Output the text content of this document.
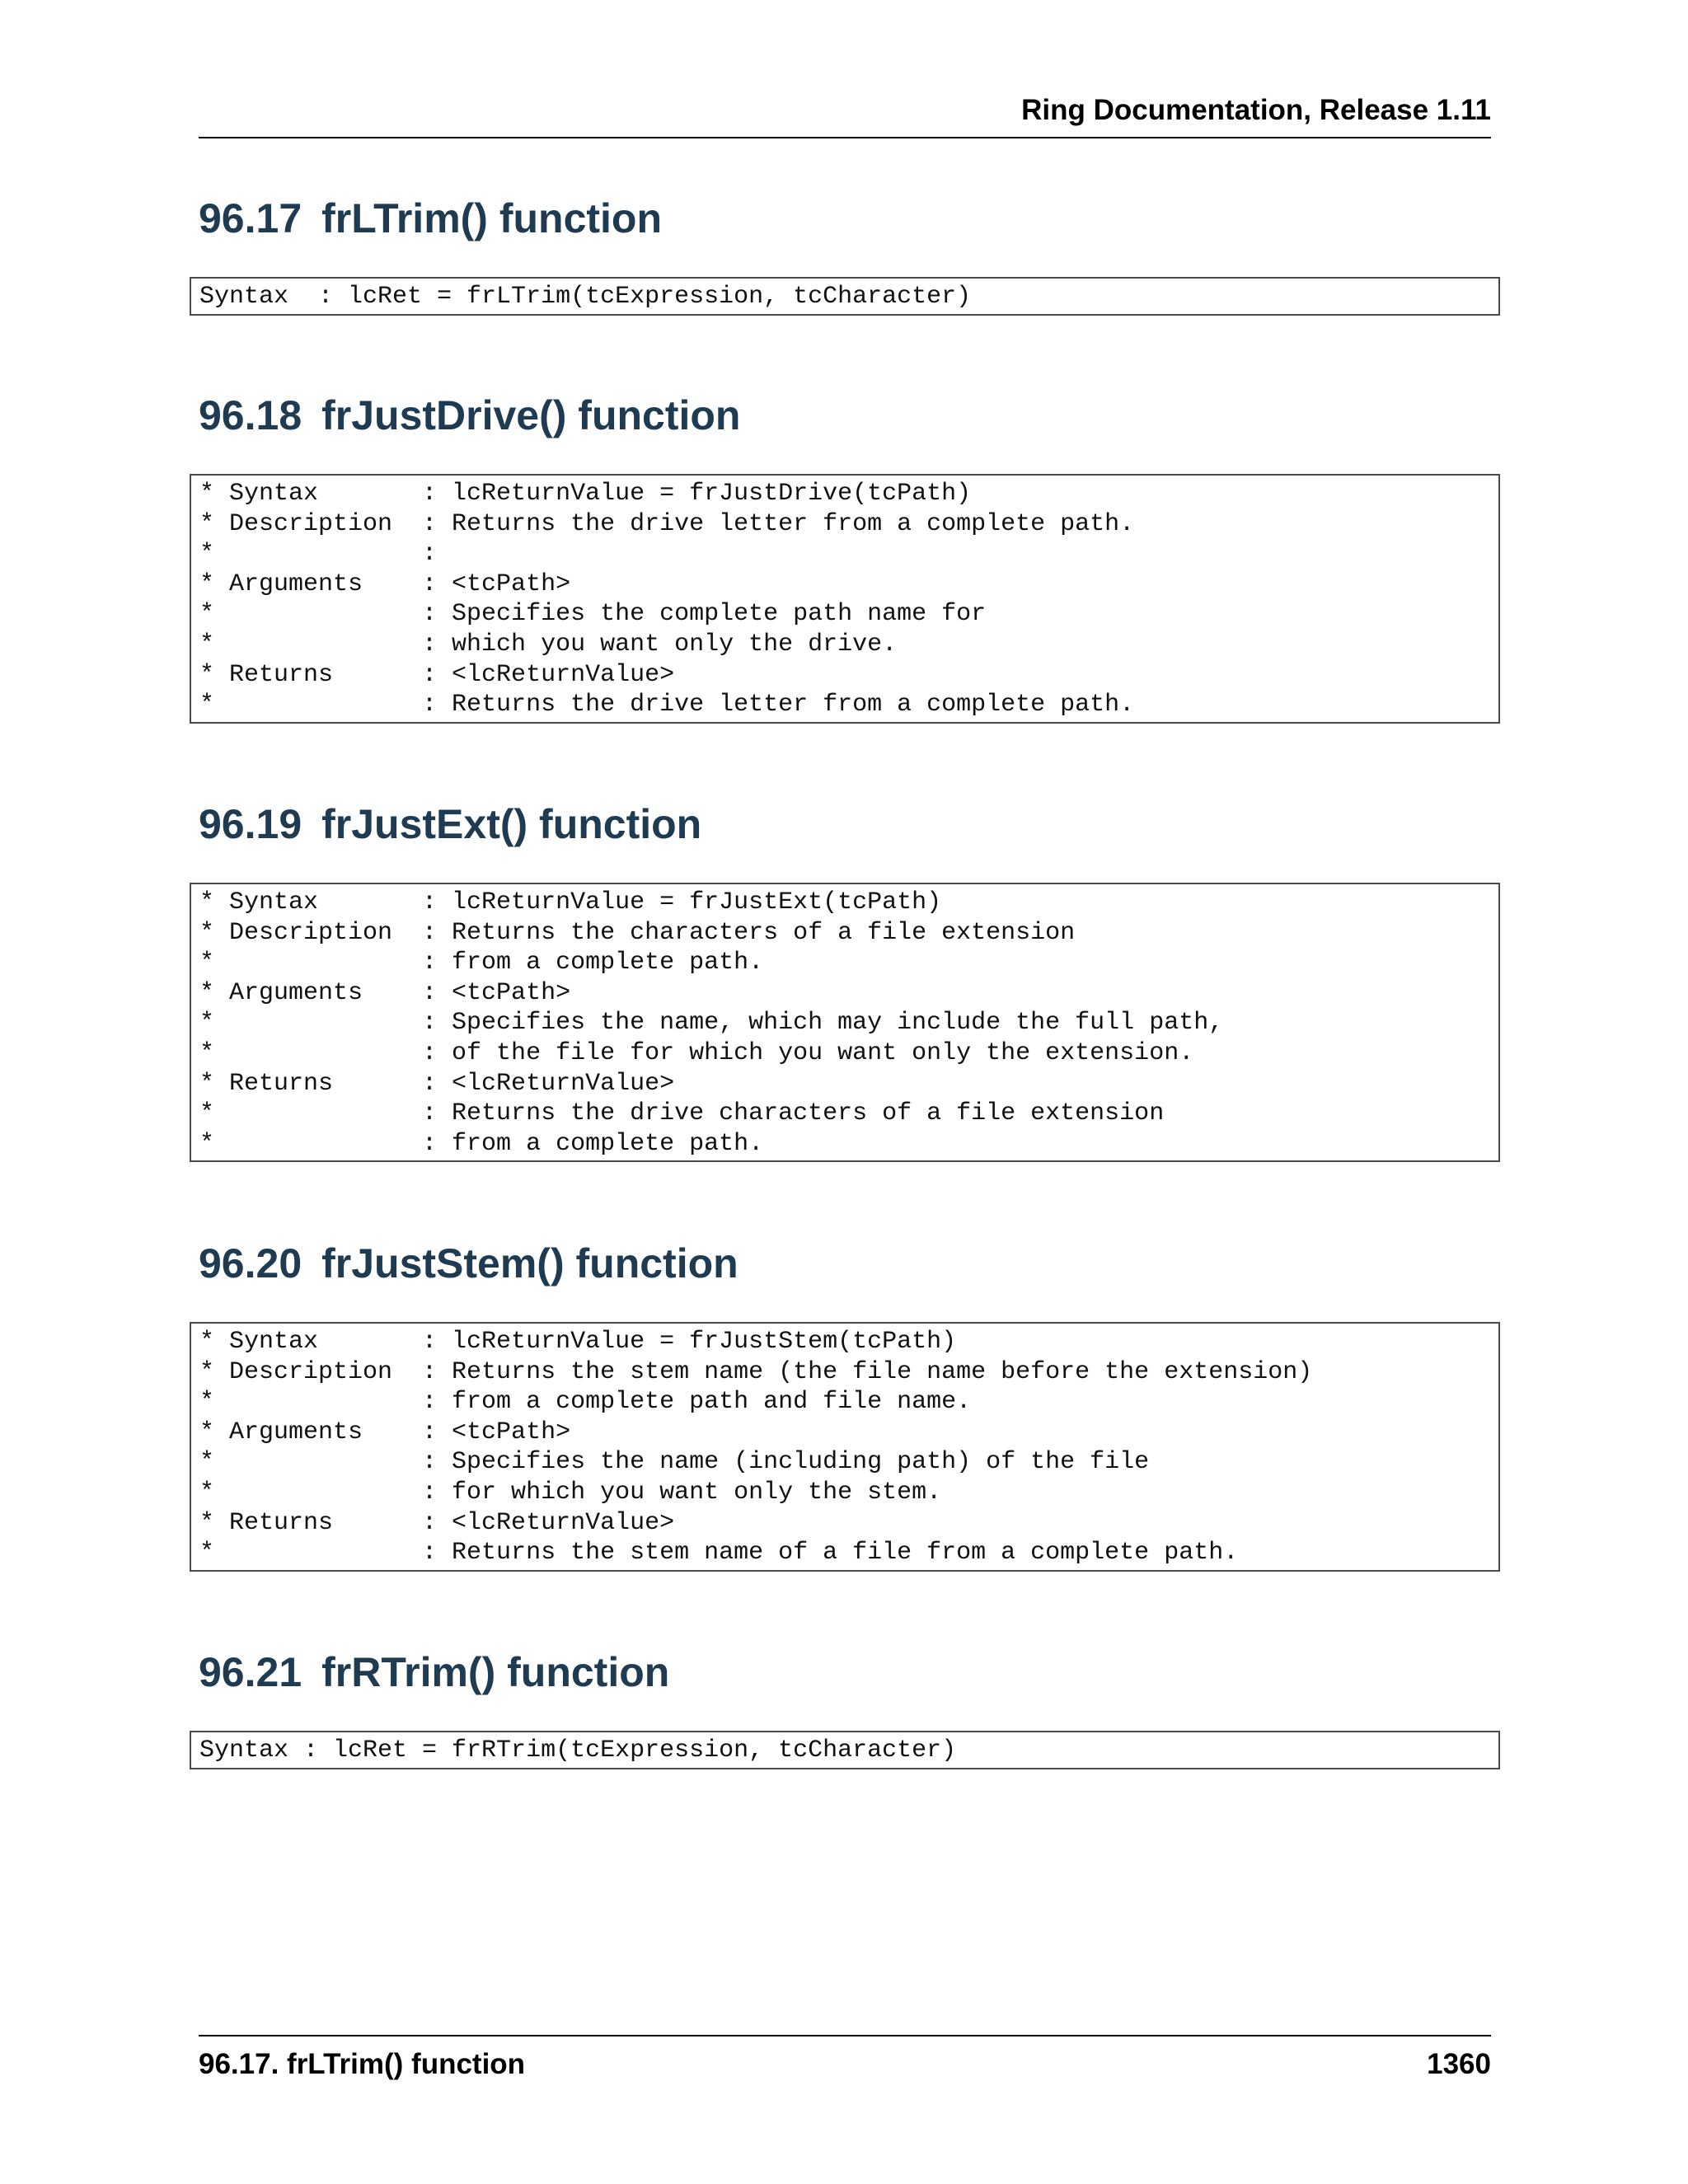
Ring Documentation, Release 1.11
96.17 frLTrim() function
Syntax  : lcRet = frLTrim(tcExpression, tcCharacter)
96.18 frJustDrive() function
* Syntax       : lcReturnValue = frJustDrive(tcPath)
* Description  : Returns the drive letter from a complete path.
*              :
* Arguments    : <tcPath>
*              : Specifies the complete path name for
*              : which you want only the drive.
* Returns      : <lcReturnValue>
*              : Returns the drive letter from a complete path.
96.19 frJustExt() function
* Syntax       : lcReturnValue = frJustExt(tcPath)
* Description  : Returns the characters of a file extension
*              : from a complete path.
* Arguments    : <tcPath>
*              : Specifies the name, which may include the full path,
*              : of the file for which you want only the extension.
* Returns      : <lcReturnValue>
*              : Returns the drive characters of a file extension
*              : from a complete path.
96.20 frJustStem() function
* Syntax       : lcReturnValue = frJustStem(tcPath)
* Description  : Returns the stem name (the file name before the extension)
*              : from a complete path and file name.
* Arguments    : <tcPath>
*              : Specifies the name (including path) of the file
*              : for which you want only the stem.
* Returns      : <lcReturnValue>
*              : Returns the stem name of a file from a complete path.
96.21 frRTrim() function
Syntax : lcRet = frRTrim(tcExpression, tcCharacter)
96.17. frLTrim() function	1360
